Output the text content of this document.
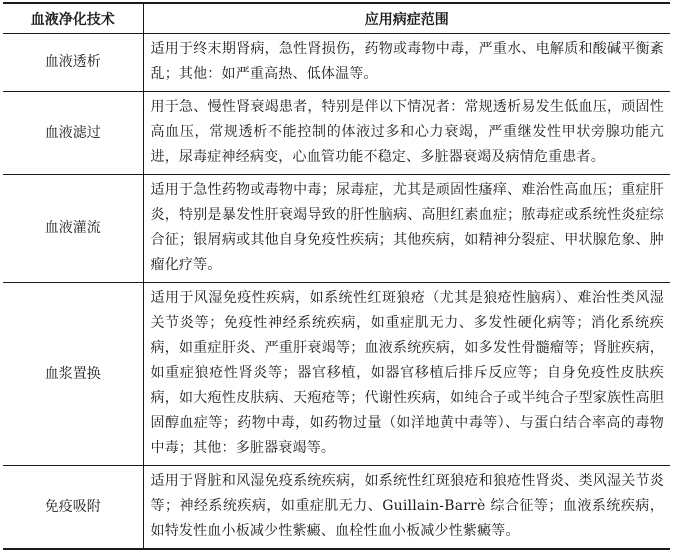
血液净化技术	应用病症范围
血液透析	适用于终末期肾病，急性肾损伤，药物或毒物中毒，严重水、电解质和酸碱平衡紊乱；其他：如严重高热、低体温等。
血液滤过	用于急、慢性肾衰竭患者，特别是伴以下情况者：常规透析易发生低血压，顽固性高血压，常规透析不能控制的体液过多和心力衰竭，严重继发性甲状旁腺功能亢进，尿毒症神经病变，心血管功能不稳定、多脏器衰竭及病情危重患者。
血液灌流	适用于急性药物或毒物中毒；尿毒症，尤其是顽固性瘙痒、难治性高血压；重症肝炎，特别是暴发性肝衰竭导致的肝性脑病、高胆红素血症；脓毒症或系统性炎症综合征；银屑病或其他自身免疫性疾病；其他疾病，如精神分裂症、甲状腺危象、肿瘤化疗等。
血浆置换	适用于风湿免疫性疾病，如系统性红斑狼疮（尤其是狼疮性脑病）、难治性类风湿关节炎等；免疫性神经系统疾病，如重症肌无力、多发性硬化病等；消化系统疾病，如重症肝炎、严重肝衰竭等；血液系统疾病，如多发性骨髓瘤等；肾脏疾病，如重症狼疮性肾炎等；器官移植，如器官移植后排斥反应等；自身免疫性皮肤疾病，如大疱性皮肤病、天疱疮等；代谢性疾病，如纯合子或半纯合子型家族性高胆固醇血症等；药物中毒，如药物过量（如洋地黄中毒等）、与蛋白结合率高的毒物中毒；其他：多脏器衰竭等。
免疫吸附	适用于肾脏和风湿免疫系统疾病，如系统性红斑狼疮和狼疮性肾炎、类风湿关节炎等；神经系统疾病，如重症肌无力、Guillain-Barrè 综合征等；血液系统疾病，如特发性血小板减少性紫癜、血栓性血小板减少性紫癜等。
